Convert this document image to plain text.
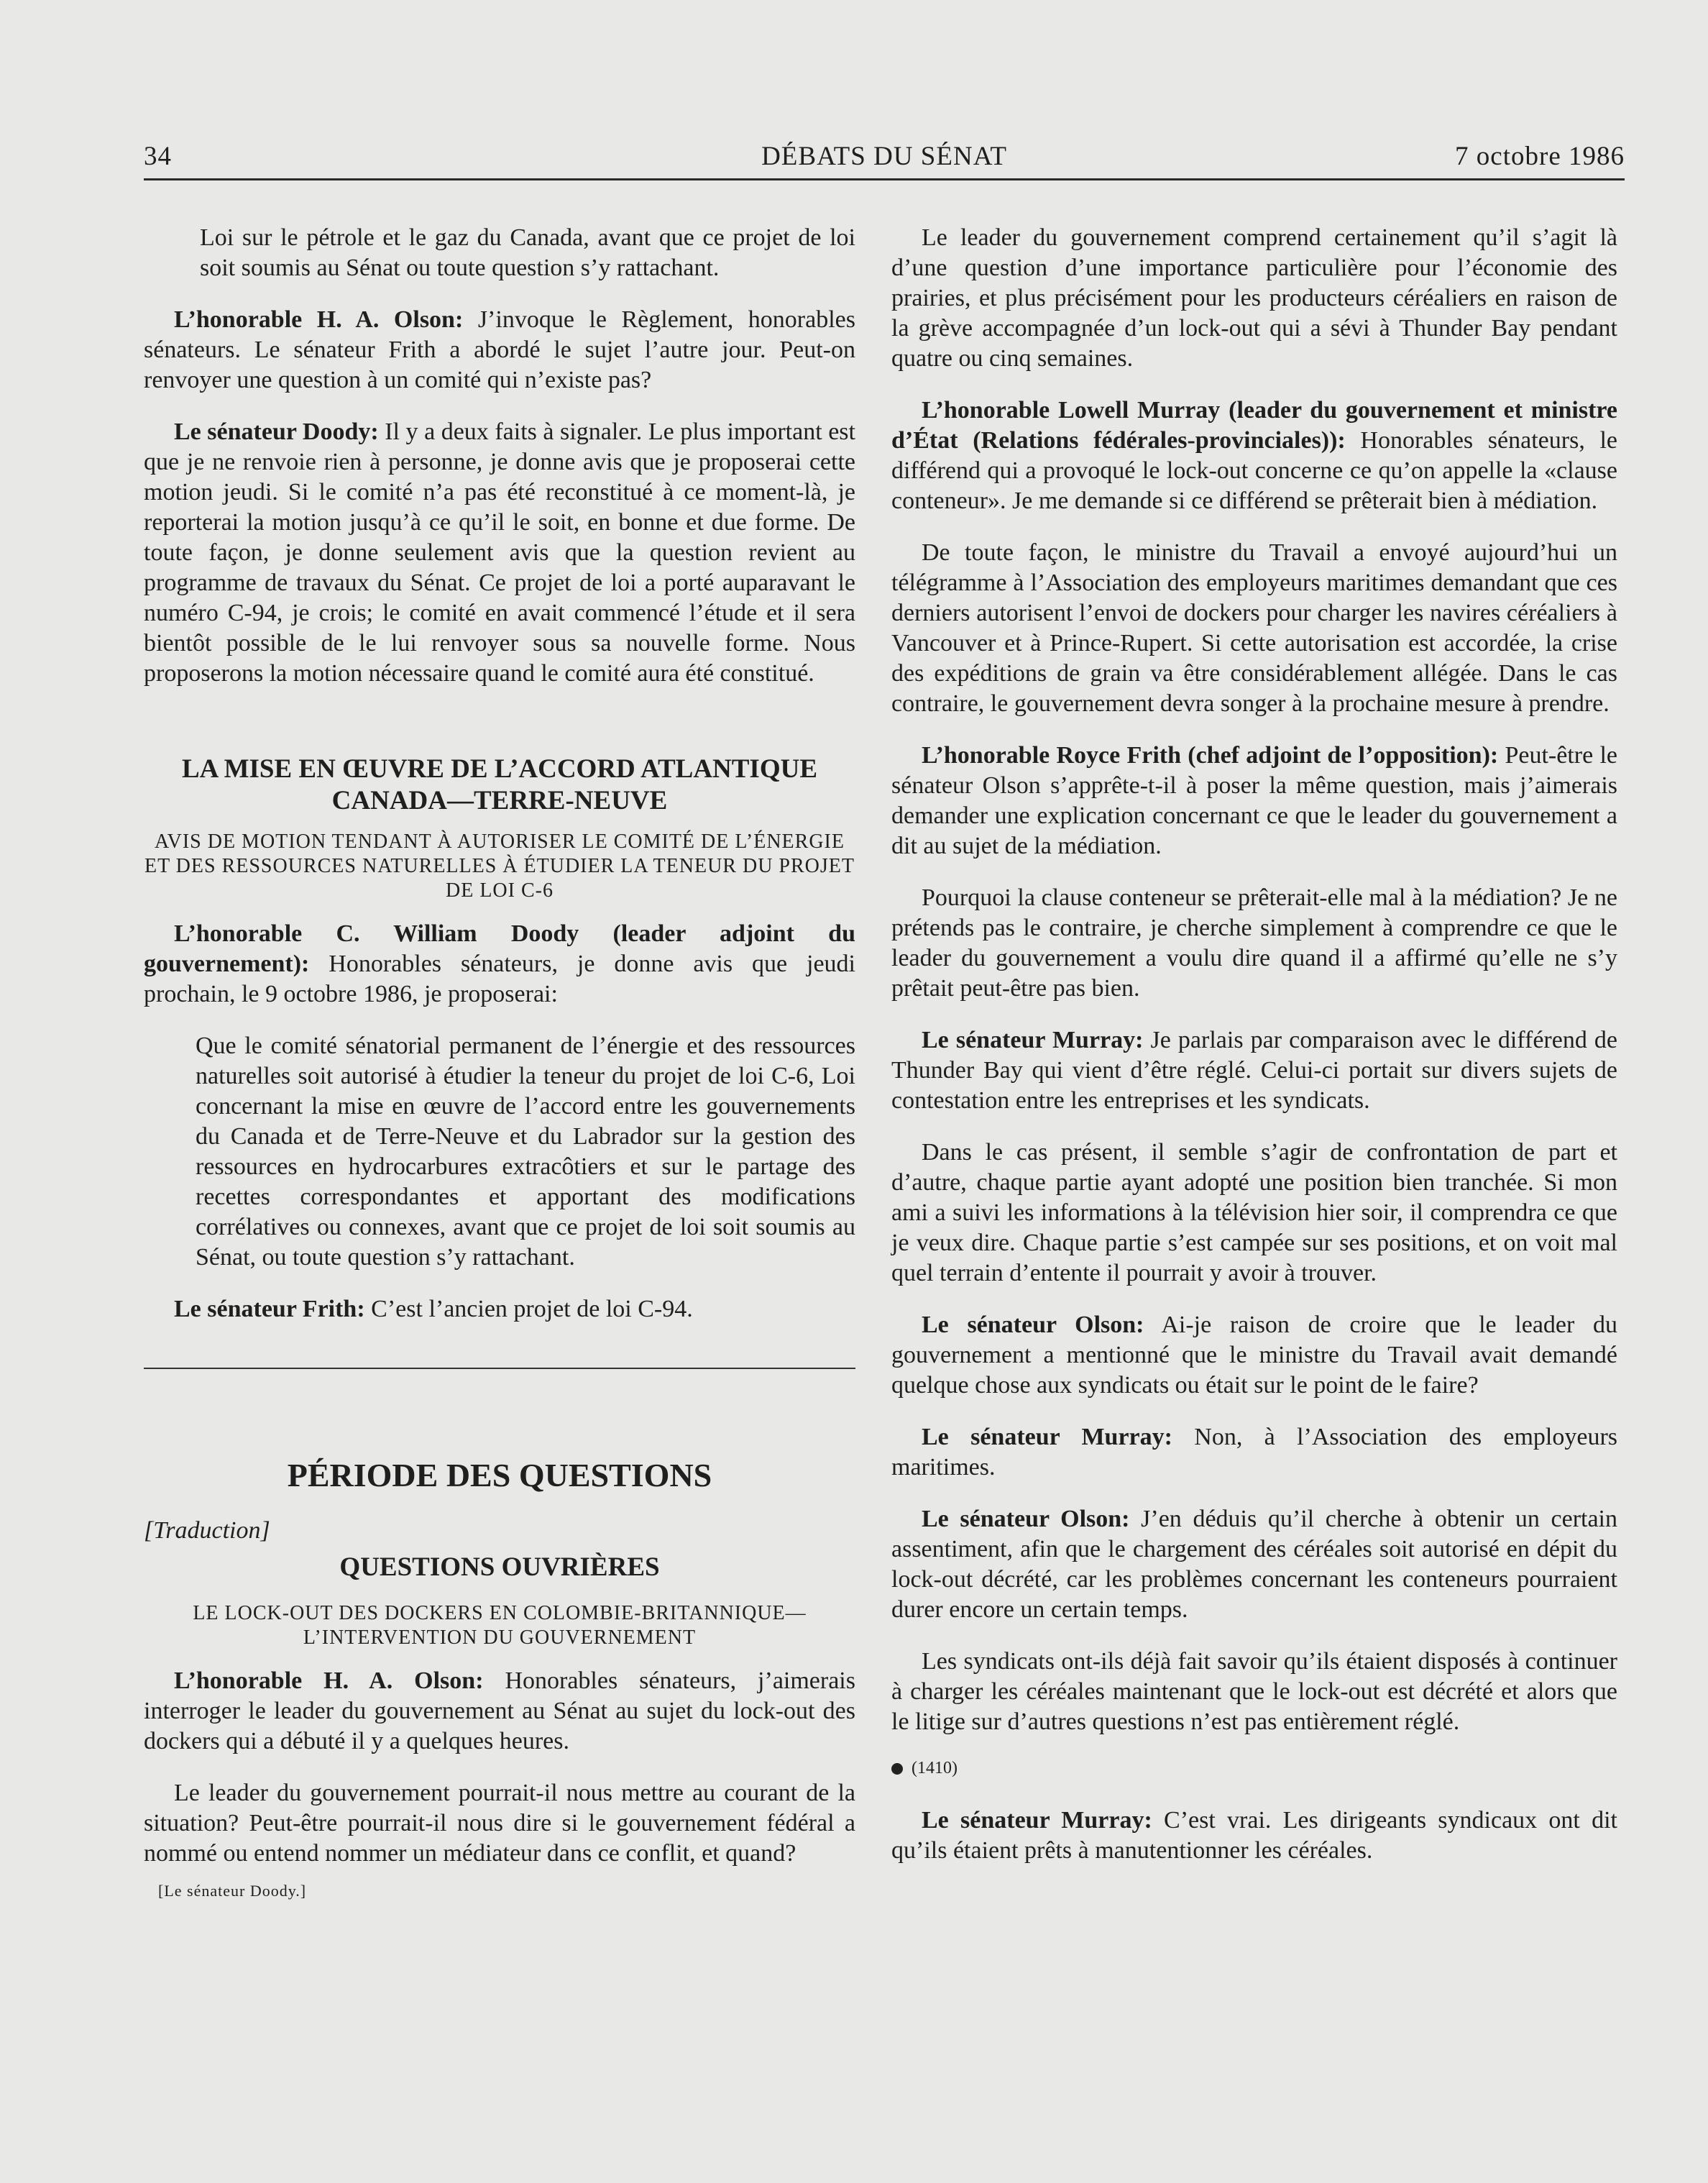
34	DÉBATS DU SÉNAT	7 octobre 1986

Loi sur le pétrole et le gaz du Canada, avant que ce projet de loi soit soumis au Sénat ou toute question s’y rattachant.

L’honorable H. A. Olson: J’invoque le Règlement, honorables sénateurs. Le sénateur Frith a abordé le sujet l’autre jour. Peut-on renvoyer une question à un comité qui n’existe pas?

Le sénateur Doody: Il y a deux faits à signaler. Le plus important est que je ne renvoie rien à personne, je donne avis que je proposerai cette motion jeudi. Si le comité n’a pas été reconstitué à ce moment-là, je reporterai la motion jusqu’à ce qu’il le soit, en bonne et due forme. De toute façon, je donne seulement avis que la question revient au programme de travaux du Sénat. Ce projet de loi a porté auparavant le numéro C-94, je crois; le comité en avait commencé l’étude et il sera bientôt possible de le lui renvoyer sous sa nouvelle forme. Nous proposerons la motion nécessaire quand le comité aura été constitué.

LA MISE EN ŒUVRE DE L’ACCORD ATLANTIQUE
CANADA—TERRE-NEUVE
AVIS DE MOTION TENDANT À AUTORISER LE COMITÉ DE L’ÉNERGIE ET DES RESSOURCES NATURELLES À ÉTUDIER LA TENEUR DU PROJET DE LOI C-6

L’honorable C. William Doody (leader adjoint du gouvernement): Honorables sénateurs, je donne avis que jeudi prochain, le 9 octobre 1986, je proposerai:

Que le comité sénatorial permanent de l’énergie et des ressources naturelles soit autorisé à étudier la teneur du projet de loi C-6, Loi concernant la mise en œuvre de l’accord entre les gouvernements du Canada et de Terre-Neuve et du Labrador sur la gestion des ressources en hydrocarbures extracôtiers et sur le partage des recettes correspondantes et apportant des modifications corrélatives ou connexes, avant que ce projet de loi soit soumis au Sénat, ou toute question s’y rattachant.

Le sénateur Frith: C’est l’ancien projet de loi C-94.

PÉRIODE DES QUESTIONS
[Traduction]
QUESTIONS OUVRIÈRES
LE LOCK-OUT DES DOCKERS EN COLOMBIE-BRITANNIQUE—
L’INTERVENTION DU GOUVERNEMENT

L’honorable H. A. Olson: Honorables sénateurs, j’aimerais interroger le leader du gouvernement au Sénat au sujet du lock-out des dockers qui a débuté il y a quelques heures.

Le leader du gouvernement pourrait-il nous mettre au courant de la situation? Peut-être pourrait-il nous dire si le gouvernement fédéral a nommé ou entend nommer un médiateur dans ce conflit, et quand?

[Le sénateur Doody.]

Le leader du gouvernement comprend certainement qu’il s’agit là d’une question d’une importance particulière pour l’économie des prairies, et plus précisément pour les producteurs céréaliers en raison de la grève accompagnée d’un lock-out qui a sévi à Thunder Bay pendant quatre ou cinq semaines.

L’honorable Lowell Murray (leader du gouvernement et ministre d’État (Relations fédérales-provinciales)): Honorables sénateurs, le différend qui a provoqué le lock-out concerne ce qu’on appelle la «clause conteneur». Je me demande si ce différend se prêterait bien à médiation.

De toute façon, le ministre du Travail a envoyé aujourd’hui un télégramme à l’Association des employeurs maritimes demandant que ces derniers autorisent l’envoi de dockers pour charger les navires céréaliers à Vancouver et à Prince-Rupert. Si cette autorisation est accordée, la crise des expéditions de grain va être considérablement allégée. Dans le cas contraire, le gouvernement devra songer à la prochaine mesure à prendre.

L’honorable Royce Frith (chef adjoint de l’opposition): Peut-être le sénateur Olson s’apprête-t-il à poser la même question, mais j’aimerais demander une explication concernant ce que le leader du gouvernement a dit au sujet de la médiation.

Pourquoi la clause conteneur se prêterait-elle mal à la médiation? Je ne prétends pas le contraire, je cherche simplement à comprendre ce que le leader du gouvernement a voulu dire quand il a affirmé qu’elle ne s’y prêtait peut-être pas bien.

Le sénateur Murray: Je parlais par comparaison avec le différend de Thunder Bay qui vient d’être réglé. Celui-ci portait sur divers sujets de contestation entre les entreprises et les syndicats.

Dans le cas présent, il semble s’agir de confrontation de part et d’autre, chaque partie ayant adopté une position bien tranchée. Si mon ami a suivi les informations à la télévision hier soir, il comprendra ce que je veux dire. Chaque partie s’est campée sur ses positions, et on voit mal quel terrain d’entente il pourrait y avoir à trouver.

Le sénateur Olson: Ai-je raison de croire que le leader du gouvernement a mentionné que le ministre du Travail avait demandé quelque chose aux syndicats ou était sur le point de le faire?

Le sénateur Murray: Non, à l’Association des employeurs maritimes.

Le sénateur Olson: J’en déduis qu’il cherche à obtenir un certain assentiment, afin que le chargement des céréales soit autorisé en dépit du lock-out décrété, car les problèmes concernant les conteneurs pourraient durer encore un certain temps.

Les syndicats ont-ils déjà fait savoir qu’ils étaient disposés à continuer à charger les céréales maintenant que le lock-out est décrété et alors que le litige sur d’autres questions n’est pas entièrement réglé.

(1410)

Le sénateur Murray: C’est vrai. Les dirigeants syndicaux ont dit qu’ils étaient prêts à manutentionner les céréales.
